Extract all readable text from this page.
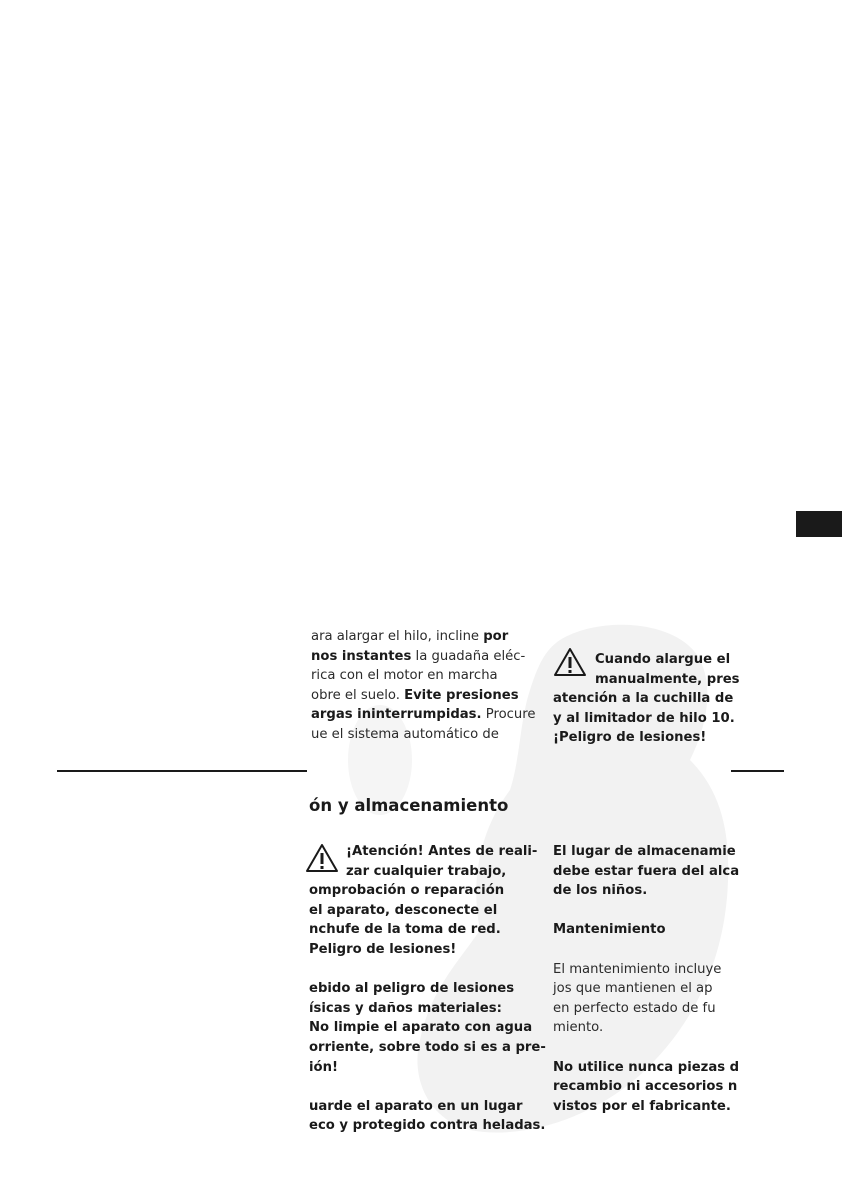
ara alargar el hilo, incline por

nos instantes la guadaña eléc-

rica con el motor en marcha

obre el suelo. Evite presiones

argas ininterrumpidas. Procure

ue el sistema automático de

Cuando alargue el

manualmente, pres

atención a la cuchilla de

y al limitador de hilo 10.

¡Peligro de lesiones!

ón y almacenamiento

¡Atención! Antes de reali-

zar cualquier trabajo,

omprobación o reparación

el aparato, desconecte el

nchufe de la toma de red.

Peligro de lesiones!

ebido al peligro de lesiones

ísicas y daños materiales:

No limpie el aparato con agua

orriente, sobre todo si es a pre-

ión!

uarde el aparato en un lugar

eco y protegido contra heladas.

El lugar de almacenamie

debe estar fuera del alca

de los niños.

Mantenimiento

El mantenimiento incluye

jos que mantienen el ap

en perfecto estado de fu

miento.

No utilice nunca piezas d

recambio ni accesorios n

vistos por el fabricante.
